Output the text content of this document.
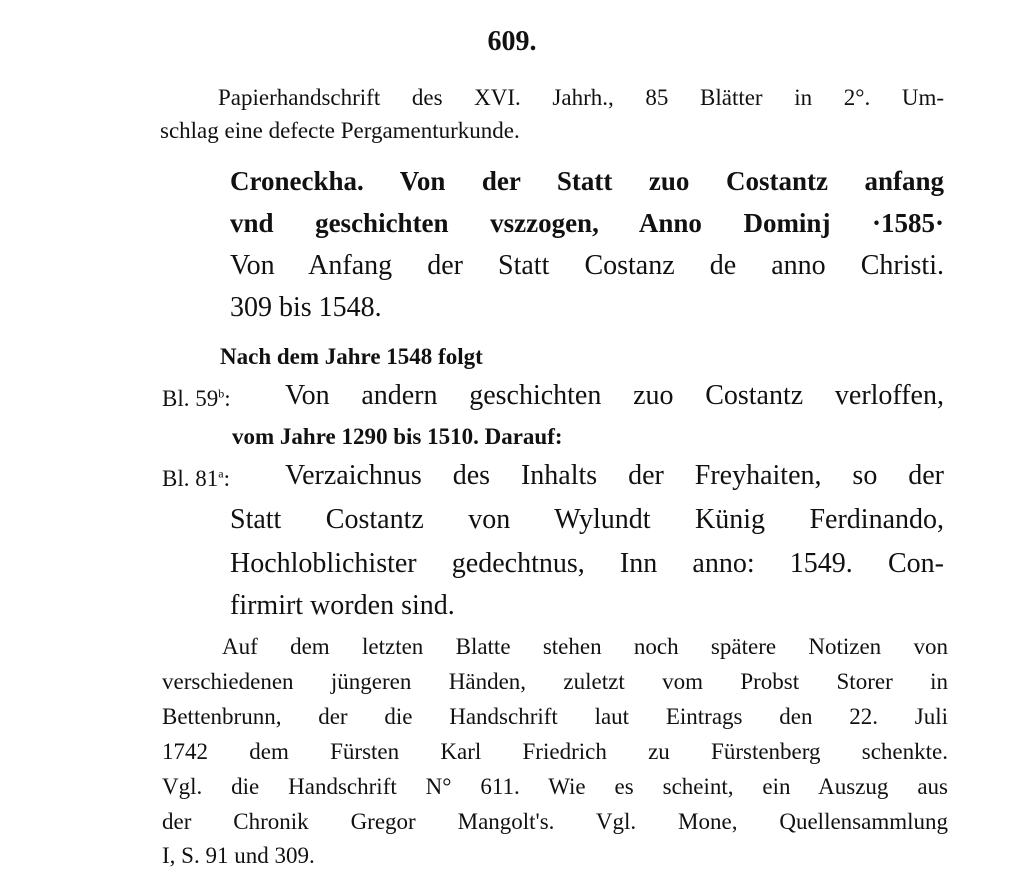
609.
Papierhandschrift des XVI. Jahrh., 85 Blätter in 2°. Um-
schlag eine defecte Pergamenturkunde.
Croneckha. Von der Statt zuo Costantz anfang
vnd geschichten vszzogen, Anno Dominj ·1585·
Von Anfang der Statt Costanz de anno Christi.
309 bis 1548.
Nach dem Jahre 1548 folgt
Bl. 59$^b$: Von andern geschichten zuo Costantz verloffen,
vom Jahre 1290 bis 1510. Darauf:
Bl. 81$^a$: Verzaichnus des Inhalts der Freyhaiten, so der
Statt Costantz von Wylundt Künig Ferdinando,
Hochloblichister gedechtnus, Inn anno: 1549. Con-
firmirt worden sind.
Auf dem letzten Blatte stehen noch spätere Notizen von
verschiedenen jüngeren Händen, zuletzt vom Probst Storer in
Bettenbrunn, der die Handschrift laut Eintrags den 22. Juli
1742 dem Fürsten Karl Friedrich zu Fürstenberg schenkte.
Vgl. die Handschrift N° 611. Wie es scheint, ein Auszug aus
der Chronik Gregor Mangolt's. Vgl. Mone, Quellensammlung
I, S. 91 und 309.
